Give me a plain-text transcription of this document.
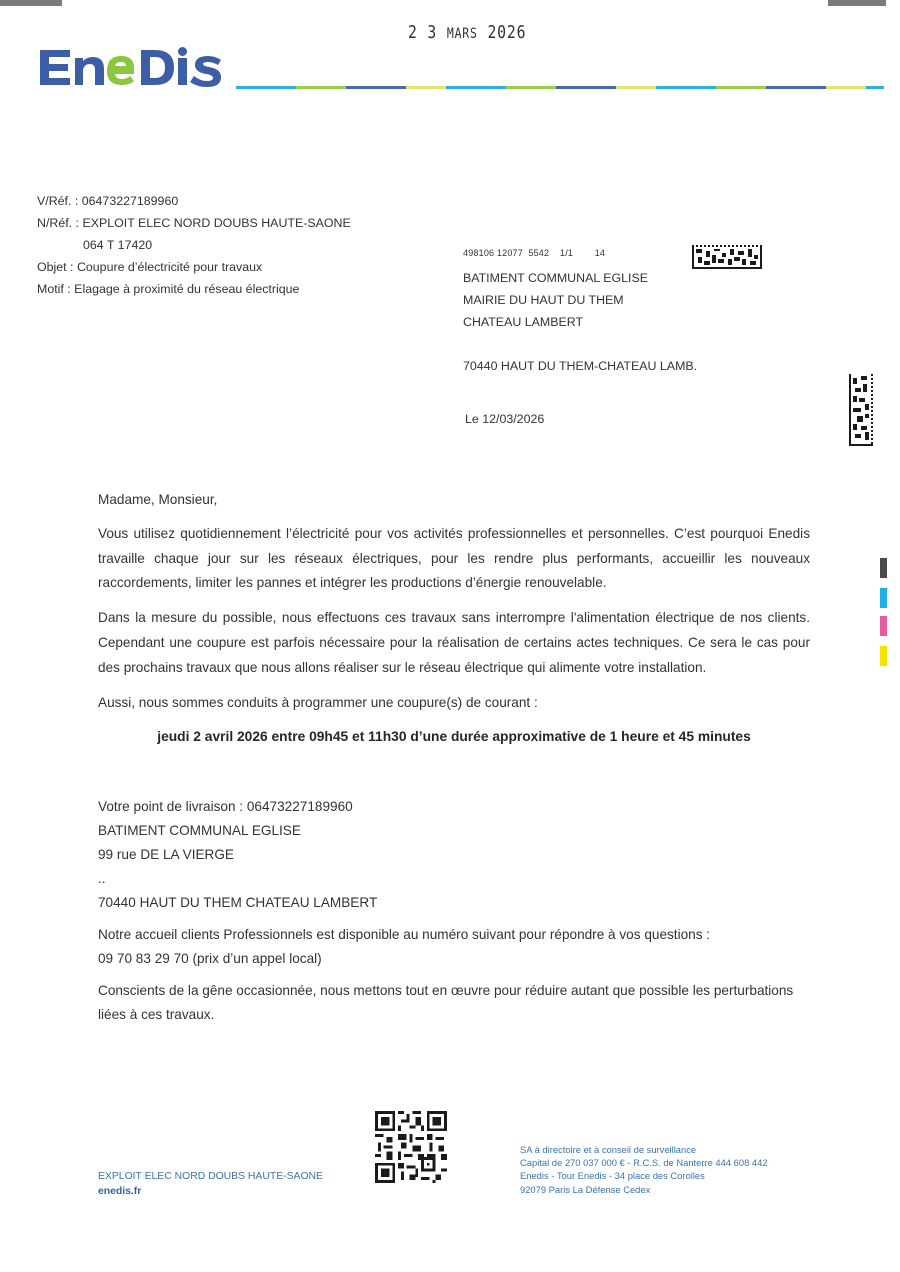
2 3 MARS 2026
V/Réf. : 06473227189960
N/Réf. : EXPLOIT ELEC NORD DOUBS HAUTE-SAONE
064 T 17420
Objet : Coupure d’électricité pour travaux
Motif : Elagage à proximité du réseau électrique
498106 12077  5542    1/1        14
BATIMENT COMMUNAL EGLISE
MAIRIE DU HAUT DU THEM
CHATEAU LAMBERT
70440 HAUT DU THEM-CHATEAU LAMB.
Le 12/03/2026

Madame, Monsieur,

Vous utilisez quotidiennement l’électricité pour vos activités professionnelles et personnelles. C’est pourquoi Enedis travaille chaque jour sur les réseaux électriques, pour les rendre plus performants, accueillir les nouveaux raccordements, limiter les pannes et intégrer les productions d’énergie renouvelable.

Dans la mesure du possible, nous effectuons ces travaux sans interrompre l'alimentation électrique de nos clients. Cependant une coupure est parfois nécessaire pour la réalisation de certains actes techniques. Ce sera le cas pour des prochains travaux que nous allons réaliser sur le réseau électrique qui alimente votre installation.

Aussi, nous sommes conduits à programmer une coupure(s) de courant :

jeudi 2 avril 2026 entre 09h45 et 11h30 d’une durée approximative de 1 heure et 45 minutes

Votre point de livraison : 06473227189960

BATIMENT COMMUNAL EGLISE

99 rue DE LA VIERGE

..

70440 HAUT DU THEM CHATEAU LAMBERT

Notre accueil clients Professionnels est disponible au numéro suivant pour répondre à vos questions :

09 70 83 29 70 (prix d’un appel local)

Conscients de la gêne occasionnée, nous mettons tout en œuvre pour réduire autant que possible les perturbations liées à ces travaux.

EXPLOIT ELEC NORD DOUBS HAUTE-SAONE
enedis.fr
SA à directoire et à conseil de surveillance
Capital de 270 037 000 € - R.C.S. de Nanterre 444 608 442
Enedis - Tour Enedis - 34 place des Corolles
92079 Paris La Défense Cedex
